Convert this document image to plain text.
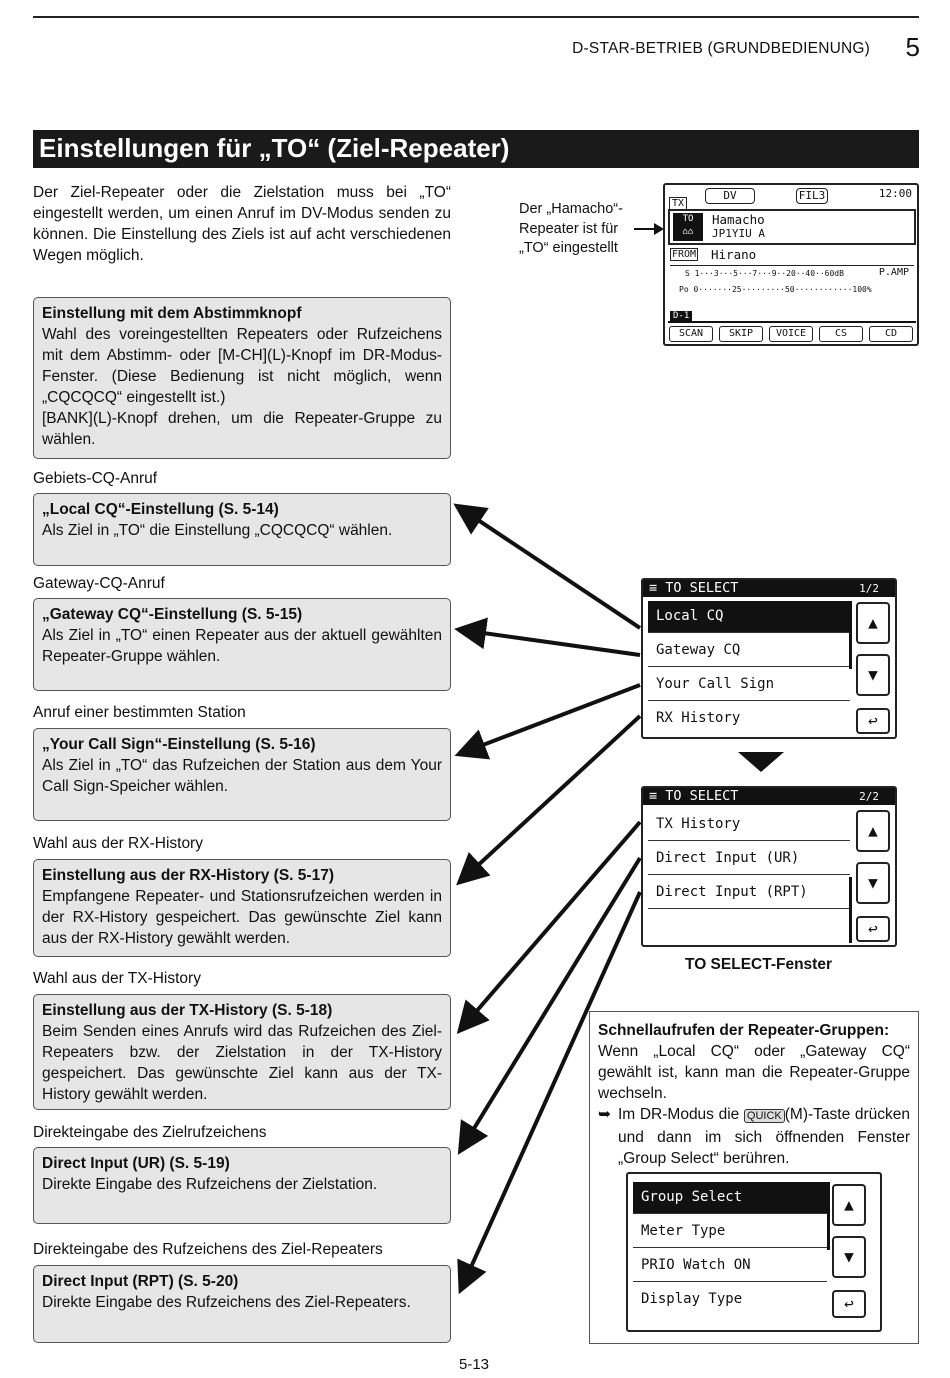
D-STAR-BETRIEB (GRUNDBEDIENUNG) 5
Einstellungen für „TO“ (Ziel-Repeater)
Der Ziel-Repeater oder die Zielstation muss bei „TO“ eingestellt werden, um einen Anruf im DV-Modus senden zu können. Die Einstellung des Ziels ist auf acht verschiedenen Wegen möglich.
Einstellung mit dem Abstimmknopf
Wahl des voreingestellten Repeaters oder Rufzeichens mit dem Abstimm- oder [M-CH](L)-Knopf im DR-Modus-Fenster. (Diese Bedienung ist nicht möglich, wenn „CQCQCQ“ eingestellt ist.)
[BANK](L)-Knopf drehen, um die Repeater-Gruppe zu wählen.
Gebiets-CQ-Anruf
„Local CQ“-Einstellung (S. 5-14)
Als Ziel in „TO“ die Einstellung „CQCQCQ“ wählen.
Gateway-CQ-Anruf
„Gateway CQ“-Einstellung (S. 5-15)
Als Ziel in „TO“ einen Repeater aus der aktuell gewählten Repeater-Gruppe wählen.
Anruf einer bestimmten Station
„Your Call Sign“-Einstellung (S. 5-16)
Als Ziel in „TO“ das Rufzeichen der Station aus dem Your Call Sign-Speicher wählen.
Wahl aus der RX-History
Einstellung aus der RX-History (S. 5-17)
Empfangene Repeater- und Stationsrufzeichen werden in der RX-History gespeichert. Das gewünschte Ziel kann aus der RX-History gewählt werden.
Wahl aus der TX-History
Einstellung aus der TX-History (S. 5-18)
Beim Senden eines Anrufs wird das Rufzeichen des Ziel-Repeaters bzw. der Zielstation in der TX-History gespeichert. Das gewünschte Ziel kann aus der TX-History gewählt werden.
Direkteingabe des Zielrufzeichens
Direct Input (UR) (S. 5-19)
Direkte Eingabe des Rufzeichens der Zielstation.
Direkteingabe des Rufzeichens des Ziel-Repeaters
Direct Input (RPT) (S. 5-20)
Direkte Eingabe des Rufzeichens des Ziel-Repeaters.
Der „Hamacho“-Repeater ist für „TO“ eingestellt
TX
DV	FIL3	12:00
TO
⌂⌂
Hamacho
JP1YIU A
FROM Hirano
S 1···3···5···7···9··20··40··60dB	P.AMP
Po 0·······25·········50············100%
D-1
SCAN	SKIP	VOICE	CS	CD
≡ TO SELECT	1/2
Local CQ
Gateway CQ
Your Call Sign
RX History
▲
▼
↩
≡ TO SELECT	2/2
TX History
Direct Input (UR)
Direct Input (RPT)
▲
▼
↩
TO SELECT-Fenster
Schnellaufrufen der Repeater-Gruppen:
Wenn „Local CQ“ oder „Gateway CQ“ gewählt ist, kann man die Repeater-Gruppe wechseln.
➥ Im DR-Modus die QUICK (M)-Taste drücken und dann im sich öffnenden Fenster „Group Select“ berühren.
Group Select
Meter Type
PRIO Watch ON
Display Type
▲
▼
↩
5-13
